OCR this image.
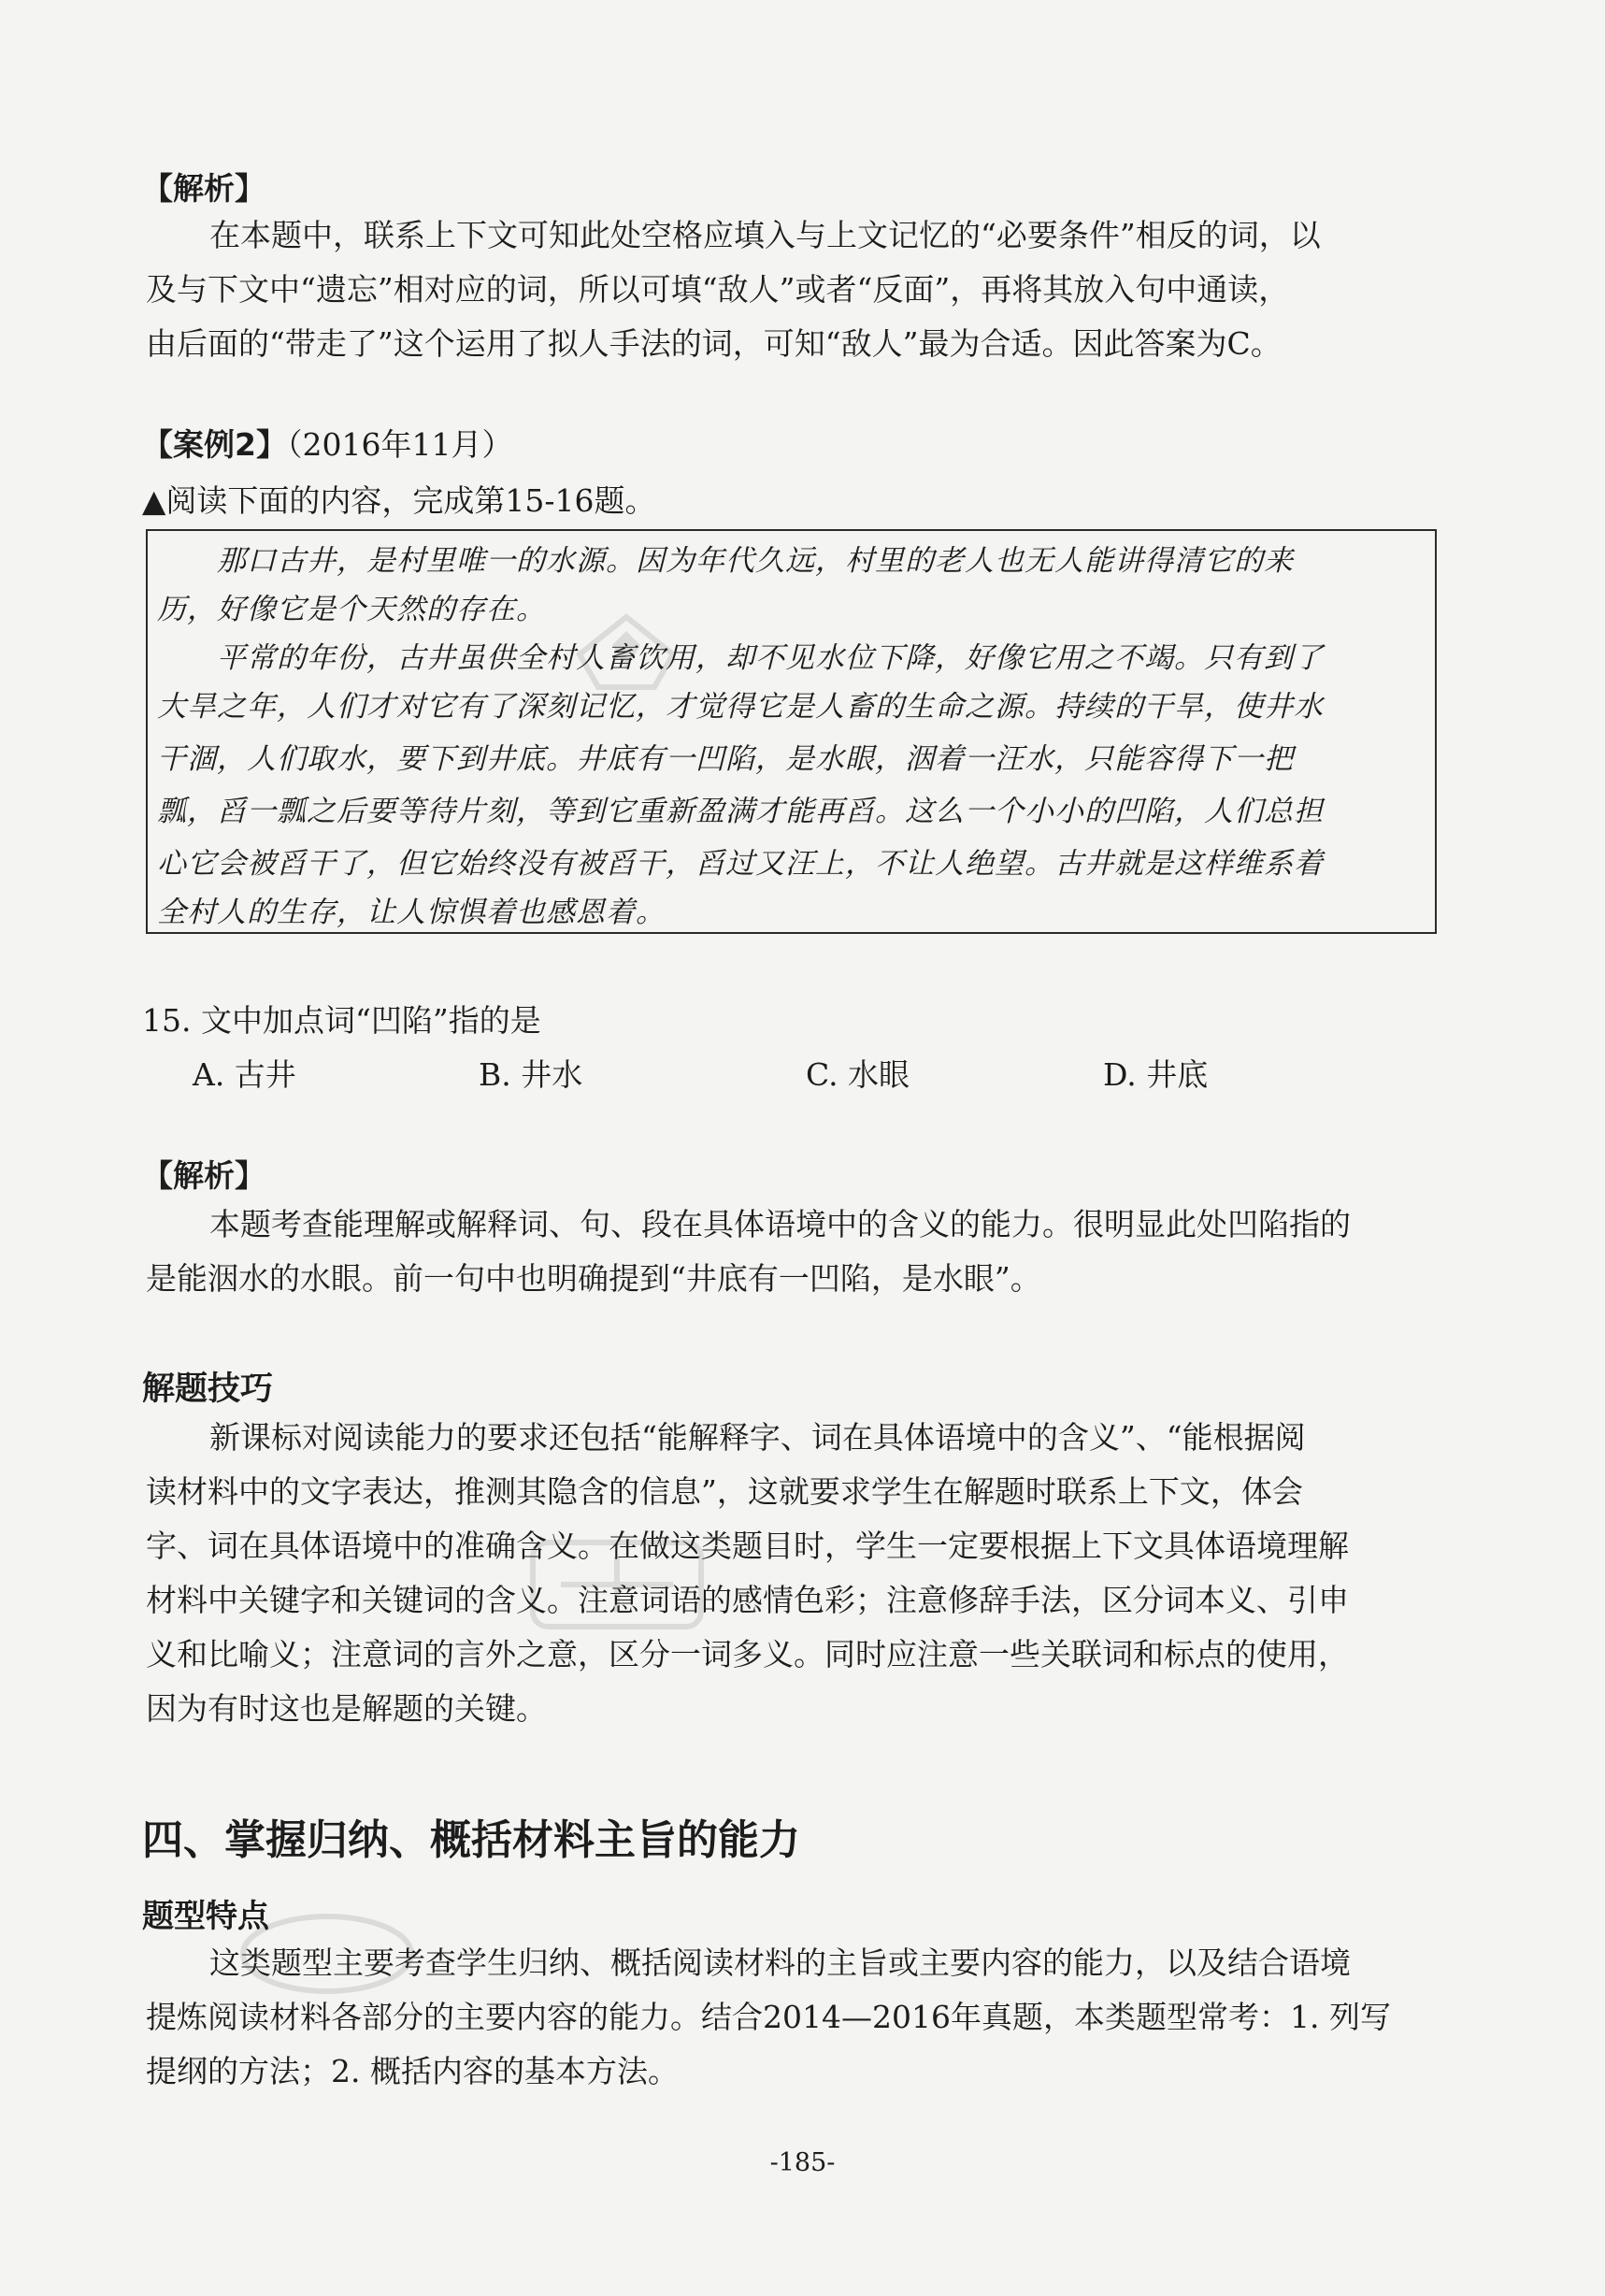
【解析】
在本题中，联系上下文可知此处空格应填入与上文记忆的“必要条件”相反的词，以
及与下文中“遗忘”相对应的词，所以可填“敌人”或者“反面”，再将其放入句中通读，
由后面的“带走了”这个运用了拟人手法的词，可知“敌人”最为合适。因此答案为C。
【案例2】（2016年11月）
▲阅读下面的内容，完成第15-16题。
那口古井，是村里唯一的水源。因为年代久远，村里的老人也无人能讲得清它的来
历，好像它是个天然的存在。
平常的年份，古井虽供全村人畜饮用，却不见水位下降，好像它用之不竭。只有到了
大旱之年，人们才对它有了深刻记忆，才觉得它是人畜的生命之源。持续的干旱，使井水
干涸，人们取水，要下到井底。井底有一凹陷，是水眼，洇着一汪水，只能容得下一把
瓢，舀一瓢之后要等待片刻，等到它重新盈满才能再舀。这么一个小小的凹陷，人们总担
心它会被舀干了，但它始终没有被舀干，舀过又汪上，不让人绝望。古井就是这样维系着
全村人的生存，让人惊惧着也感恩着。
15. 文中加点词“凹陷”指的是
A. 古井	B. 井水	C. 水眼	D. 井底
【解析】
本题考查能理解或解释词、句、段在具体语境中的含义的能力。很明显此处凹陷指的
是能洇水的水眼。前一句中也明确提到“井底有一凹陷，是水眼”。
解题技巧
新课标对阅读能力的要求还包括“能解释字、词在具体语境中的含义”、“能根据阅
读材料中的文字表达，推测其隐含的信息”，这就要求学生在解题时联系上下文，体会
字、词在具体语境中的准确含义。在做这类题目时，学生一定要根据上下文具体语境理解
材料中关键字和关键词的含义。注意词语的感情色彩；注意修辞手法，区分词本义、引申
义和比喻义；注意词的言外之意，区分一词多义。同时应注意一些关联词和标点的使用，
因为有时这也是解题的关键。
四、掌握归纳、概括材料主旨的能力
题型特点
这类题型主要考查学生归纳、概括阅读材料的主旨或主要内容的能力，以及结合语境
提炼阅读材料各部分的主要内容的能力。结合2014—2016年真题，本类题型常考：1. 列写
提纲的方法；2. 概括内容的基本方法。
-185-
